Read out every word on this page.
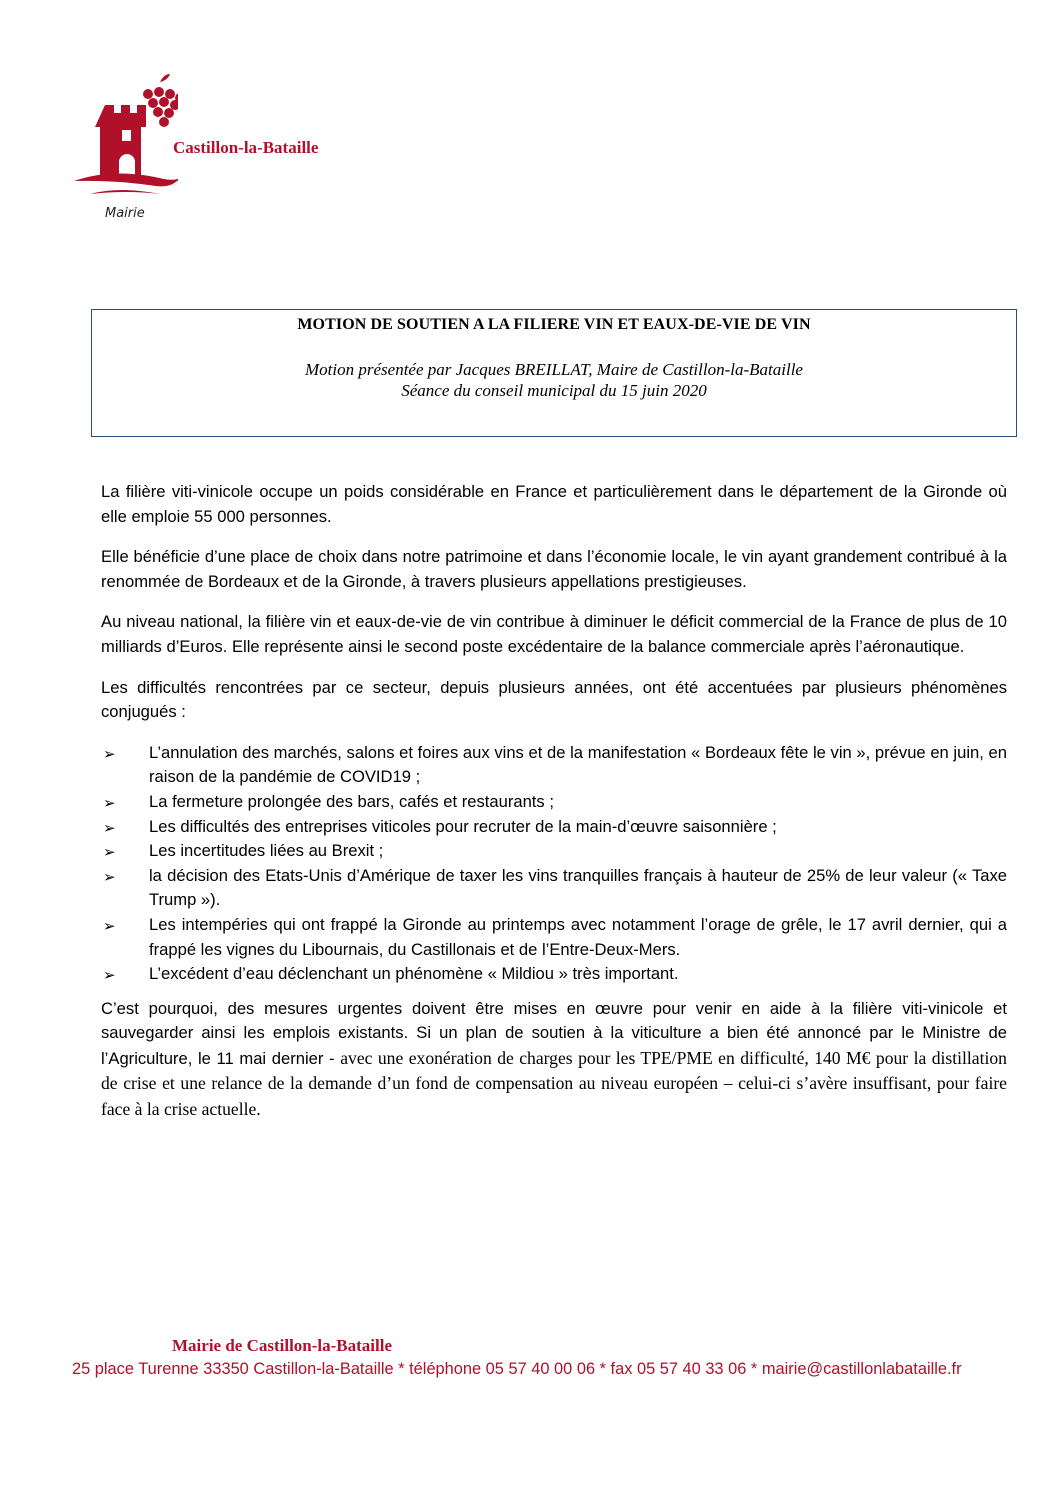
Castillon-la-Bataille
Mairie
MOTION DE SOUTIEN A LA FILIERE VIN ET EAUX-DE-VIE DE VIN
Motion présentée par Jacques BREILLAT, Maire de Castillon-la-Bataille
Séance du conseil municipal du 15 juin 2020

La filière viti-vinicole occupe un poids considérable en France et particulièrement dans le département de la Gironde où elle emploie 55 000 personnes.

Elle bénéficie d’une place de choix dans notre patrimoine et dans l’économie locale, le vin ayant grandement contribué à la renommée de Bordeaux et de la Gironde, à travers plusieurs appellations prestigieuses.

Au niveau national, la filière vin et eaux-de-vie de vin contribue à diminuer le déficit commercial de la France de plus de 10 milliards d’Euros. Elle représente ainsi le second poste excédentaire de la balance commerciale après l’aéronautique.

Les difficultés rencontrées par ce secteur, depuis plusieurs années, ont été accentuées par plusieurs phénomènes conjugués :

➢ L’annulation des marchés, salons et foires aux vins et de la manifestation « Bordeaux fête le vin », prévue en juin, en raison de la pandémie de COVID19 ;
➢ La fermeture prolongée des bars, cafés et restaurants ;
➢ Les difficultés des entreprises viticoles pour recruter de la main-d’œuvre saisonnière ;
➢ Les incertitudes liées au Brexit ;
➢ la décision des Etats-Unis d’Amérique de taxer les vins tranquilles français à hauteur de 25% de leur valeur (« Taxe Trump »).
➢ Les intempéries qui ont frappé la Gironde au printemps avec notamment l’orage de grêle, le 17 avril dernier, qui a frappé les vignes du Libournais, du Castillonais et de l’Entre-Deux-Mers.
➢ L’excédent d’eau déclenchant un phénomène « Mildiou » très important.

C’est pourquoi, des mesures urgentes doivent être mises en œuvre pour venir en aide à la filière viti-vinicole et sauvegarder ainsi les emplois existants. Si un plan de soutien à la viticulture a bien été annoncé par le Ministre de l’Agriculture, le 11 mai dernier - avec une exonération de charges pour les TPE/PME en difficulté, 140 M€ pour la distillation de crise et une relance de la demande d’un fond de compensation au niveau européen – celui-ci s’avère insuffisant, pour faire face à la crise actuelle.

Mairie de Castillon-la-Bataille
25 place Turenne 33350 Castillon-la-Bataille * téléphone 05 57 40 00 06 * fax 05 57 40 33 06 * mairie@castillonlabataille.fr
